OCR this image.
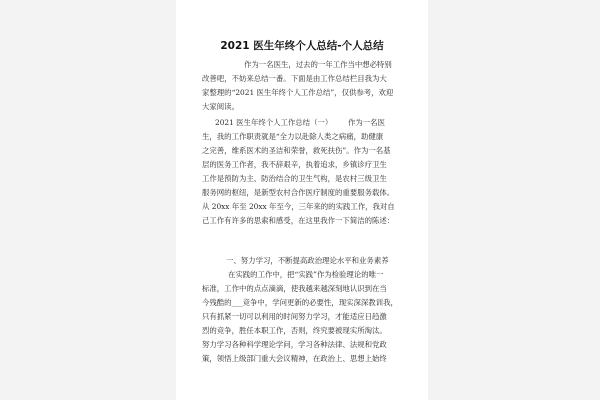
2021 医生年终个人总结-个人总结
作为一名医生，过去的一年工作当中想必特别
改善吧，不妨来总结一番。下面是由工作总结栏目我为大
家整理的“2021 医生年终个人工作总结”，仅供参考，欢迎
大家阅读。
2021 医生年终个人工作总结（一） 作为一名医
生，我的工作职责就是“全力以赴除人类之病痛，助健康
之完善，维系医术的圣洁和荣誉，救死扶伤”。作为一名基
层的医务工作者，我不辞艰辛，执着追求，乡镇诊疗卫生
工作是预防为主、防治结合的卫生气构，是农村三级卫生
服务网的枢纽，是新型农村合作医疗制度的重要服务载体。
从 20xx 年至 20xx 年至今，三年来的的实践工作，我对自
己工作有许多的思索和感受，在这里我作一下简洁的陈述：
一、努力学习，不断提高政治理论水平和业务素养
在实践的工作中，把“实践”作为检验理论的唯一
标准，工作中的点点滴滴，使我越来越深刻地认识到在当
今残酷的___竞争中，学问更新的必要性，现实深深教训我，
只有抓紧一切可以利用的时间努力学习，才能适应日趋激
烈的竞争，胜任本职工作，否则，终究要被现实所淘汰。
努力学习各种科学理论学问，学习各种法律、法规和党政
策，领悟上级部门重大会议精神，在政治上、思想上始终
